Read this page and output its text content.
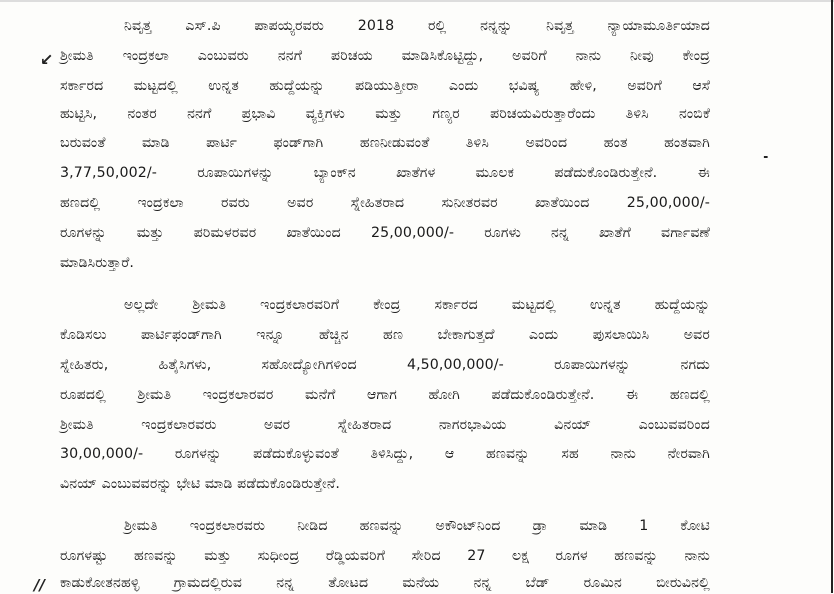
ನಿವೃತ್ತ ಎಸ್.ಪಿ ಪಾಪಯ್ಯರವರು 2018 ರಲ್ಲಿ ನನ್ನನ್ನು ನಿವೃತ್ತ ನ್ಯಾಯಾಮೂರ್ತಿಯಾದ
ಶ್ರೀಮತಿ ಇಂದ್ರಕಲಾ ಎಂಬುವರು ನನಗೆ ಪರಿಚಯ ಮಾಡಿಸಿಕೊಟ್ಟಿದ್ದು, ಅವರಿಗೆ ನಾನು ನೀವು ಕೇಂದ್ರ
ಸರ್ಕಾರದ ಮಟ್ಟದಲ್ಲಿ ಉನ್ನತ ಹುದ್ದೆಯನ್ನು ಪಡಿಯುತ್ತೀರಾ ಎಂದು ಭವಿಷ್ಯ ಹೇಳಿ, ಅವರಿಗೆ ಆಸೆ
ಹುಟ್ಟಿಸಿ, ನಂತರ ನನಗೆ ಪ್ರಭಾವಿ ವ್ಯಕ್ತಿಗಳು ಮತ್ತು ಗಣ್ಯರ ಪರಿಚಯವಿರುತ್ತಾರೆಂದು ತಿಳಿಸಿ ನಂಬಿಕೆ
ಬರುವಂತೆ ಮಾಡಿ ಪಾರ್ಟಿ ಫಂಡ್‌ಗಾಗಿ ಹಣನೀಡುವಂತೆ ತಿಳಿಸಿ ಅವರಿಂದ ಹಂತ ಹಂತವಾಗಿ
3,77,50,002/- ರೂಪಾಯಿಗಳನ್ನು ಬ್ಯಾಂಕ್‌ನ ಖಾತೆಗಳ ಮೂಲಕ ಪಡೆದುಕೊಂಡಿರುತ್ತೇನೆ. ಈ
ಹಣದಲ್ಲಿ ಇಂದ್ರಕಲಾ ರವರು ಅವರ ಸ್ನೇಹಿತರಾದ ಸುನೀತರವರ ಖಾತೆಯಿಂದ 25,00,000/-
ರೂಗಳನ್ನು ಮತ್ತು ಪರಿಮಳರವರ ಖಾತೆಯಿಂದ 25,00,000/- ರೂಗಳು ನನ್ನ ಖಾತೆಗೆ ವರ್ಗಾವಣೆ
ಮಾಡಿಸಿರುತ್ತಾರೆ.
ಅಲ್ಲದೇ ಶ್ರೀಮತಿ ಇಂದ್ರಕಲಾರವರಿಗೆ ಕೇಂದ್ರ ಸರ್ಕಾರದ ಮಟ್ಟದಲ್ಲಿ ಉನ್ನತ ಹುದ್ದೆಯನ್ನು
ಕೊಡಿಸಲು ಪಾರ್ಟಿಫಂಡ್‌ಗಾಗಿ ಇನ್ನೂ ಹೆಚ್ಚಿನ ಹಣ ಬೇಕಾಗುತ್ತದೆ ಎಂದು ಪುಸಲಾಯಿಸಿ ಅವರ
ಸ್ನೇಹಿತರು, ಹಿತೈಸಿಗಳು, ಸಹೋದ್ಯೋಗಿಗಳಿಂದ 4,50,00,000/- ರೂಪಾಯಿಗಳನ್ನು ನಗದು
ರೂಪದಲ್ಲಿ ಶ್ರೀಮತಿ ಇಂದ್ರಕಲಾರವರ ಮನೆಗೆ ಆಗಾಗ ಹೋಗಿ ಪಡೆದುಕೊಂಡಿರುತ್ತೇನೆ. ಈ ಹಣದಲ್ಲಿ
ಶ್ರೀಮತಿ ಇಂದ್ರಕಲಾರವರು ಅವರ ಸ್ನೇಹಿತರಾದ ನಾಗರಭಾವಿಯ ವಿನಯ್ ಎಂಬುವವರಿಂದ
30,00,000/- ರೂಗಳನ್ನು ಪಡೆದುಕೊಳ್ಳುವಂತೆ ತಿಳಿಸಿದ್ದು, ಆ ಹಣವನ್ನು ಸಹ ನಾನು ನೇರವಾಗಿ
ವಿನಯ್ ಎಂಬುವವರನ್ನು ಭೇಟಿ ಮಾಡಿ ಪಡೆದುಕೊಂಡಿರುತ್ತೇನೆ.
ಶ್ರೀಮತಿ ಇಂದ್ರಕಲಾರವರು ನೀಡಿದ ಹಣವನ್ನು ಅಕೌಂಟ್‌ನಿಂದ ಡ್ರಾ ಮಾಡಿ 1 ಕೋಟಿ
ರೂಗಳಷ್ಟು ಹಣವನ್ನು ಮತ್ತು ಸುಧೀಂದ್ರ ರೆಡ್ಡಿಯವರಿಗೆ ಸೇರಿದ 27 ಲಕ್ಷ ರೂಗಳ ಹಣವನ್ನು ನಾನು
ಕಾಡುಕೋತನಹಳ್ಳಿ ಗ್ರಾಮದಲ್ಲಿರುವ ನನ್ನ ತೋಟದ ಮನೆಯ ನನ್ನ ಬೆಡ್ ರೂಮಿನ ಬೀರುವಿನಲ್ಲಿ
↙
╸
//
